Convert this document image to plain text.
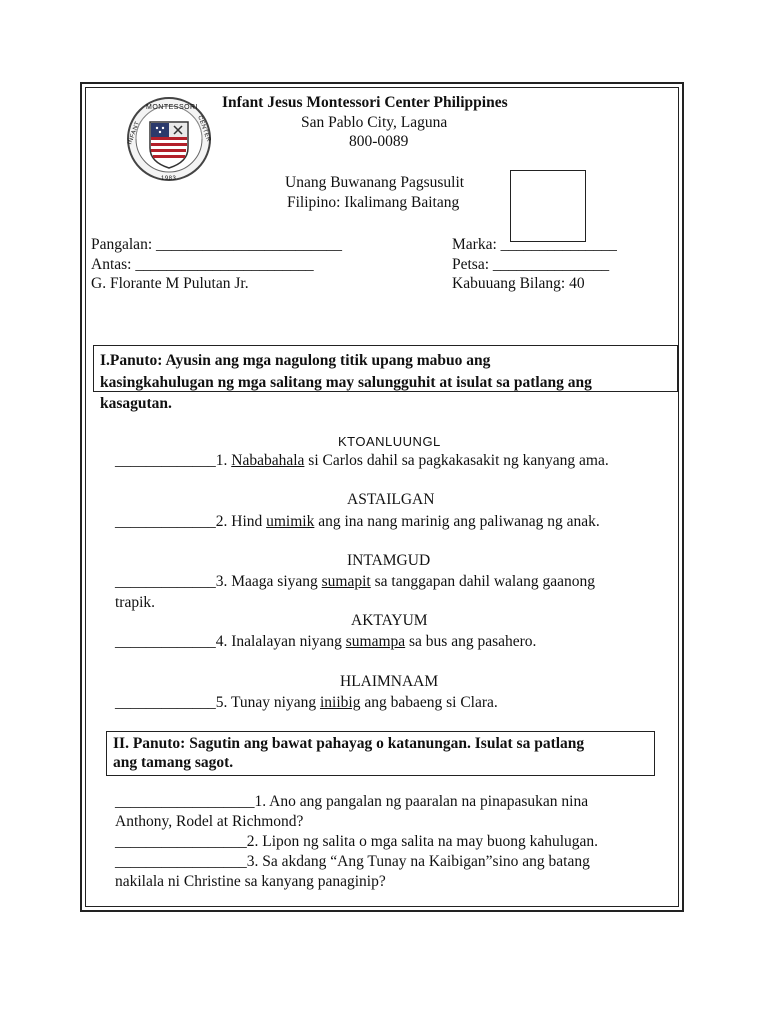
MONTESSORI
CENTER
INFANT
1983
Infant Jesus Montessori Center Philippines
San Pablo City, Laguna
800-0089
Unang Buwanang Pagsusulit
Filipino: Ikalimang Baitang
Pangalan: ________________________
Antas: _______________________
G. Florante M Pulutan Jr.
Marka: _______________
Petsa: _______________
Kabuuang Bilang: 40
I.Panuto: Ayusin ang mga nagulong titik upang mabuo ang
kasingkahulugan ng mga salitang may salungguhit at isulat sa patlang ang
kasagutan.
KTOANLUUNGL
_____________1. Nababahala si Carlos dahil sa pagkakasakit ng kanyang ama.
ASTAILGAN
_____________2. Hind umimik ang ina nang marinig ang paliwanag ng anak.
INTAMGUD
_____________3. Maaga siyang sumapit sa tanggapan dahil walang gaanong
trapik.
AKTAYUM
_____________4. Inalalayan niyang sumampa sa bus ang pasahero.
HLAIMNAAM
_____________5. Tunay niyang iniibig ang babaeng si Clara.
II. Panuto: Sagutin ang bawat pahayag o katanungan. Isulat sa patlang
ang tamang sagot.
__________________1. Ano ang pangalan ng paaralan na pinapasukan nina
Anthony, Rodel at Richmond?
_________________2. Lipon ng salita o mga salita na may buong kahulugan.
_________________3. Sa akdang “Ang Tunay na Kaibigan”sino ang batang
nakilala ni Christine sa kanyang panaginip?
